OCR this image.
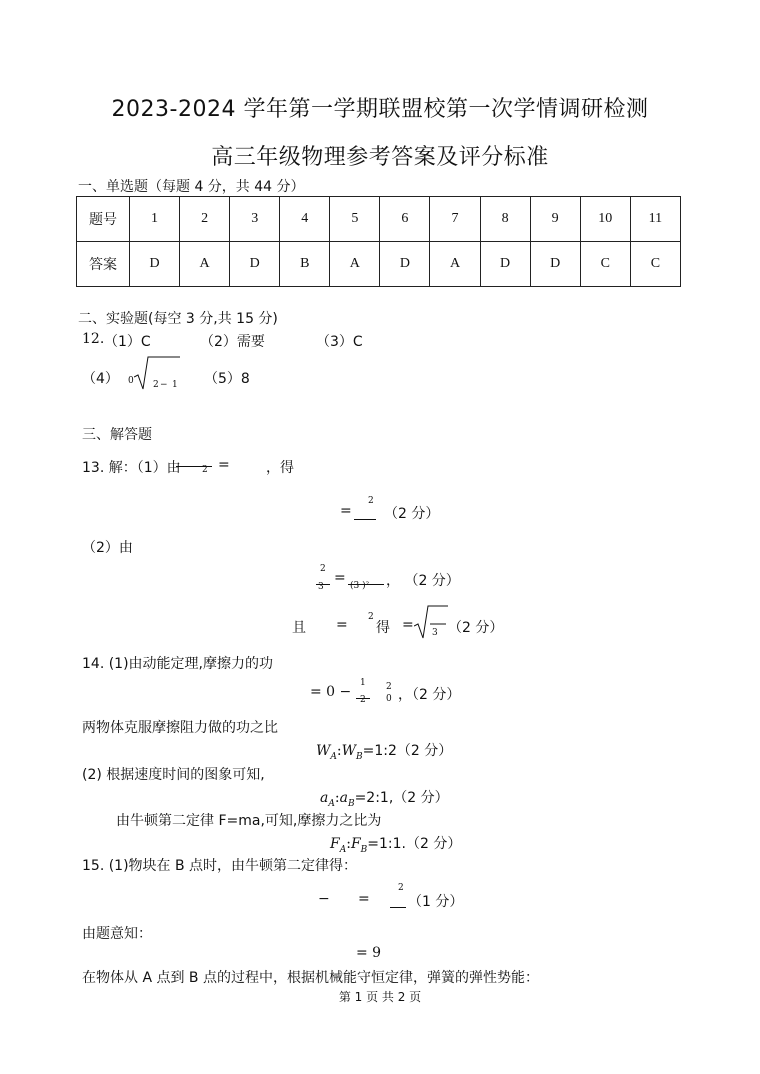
2023-2024 学年第一学期联盟校第一次学情调研检测
高三年级物理参考答案及评分标准
一、单选题（每题 4 分，共 44 分）
题号	1	2	3	4	5	6	7	8	9	10	11
答案	D	A	D	B	A	D	A	D	D	C	C
二、实验题(每空 3 分,共 15 分)
12. （1）C	（2）需要	（3）C
（4） 0 2 − 1 （5）8
三、解答题
13. 解：（1）由 2 =	，得
=
2
（2 分）
（2）由
2
3
= (3 )² ， （2 分）
且 = 2
得 = 3 （2 分）
14. (1)由动能定理,摩擦力的功
= 0 −
1
2
2
0 ，（2 分）
两物体克服摩擦阻力做的功之比
$W_A:W_B=1:2(2$ 分）
(2) 根据速度时间的图象可知,
$a_A:a_B=2:1,(2$ 分）
由牛顿第二定律 F=ma,可知,摩擦力之比为
$F_A:F_B=1:1.(2$ 分）
15. (1)物块在 B 点时，由牛顿第二定律得：
− =
2
（1 分）
由题意知：
= 9
在物体从 A 点到 B 点的过程中，根据机械能守恒定律，弹簧的弹性势能：
第 1 页 共 2 页
